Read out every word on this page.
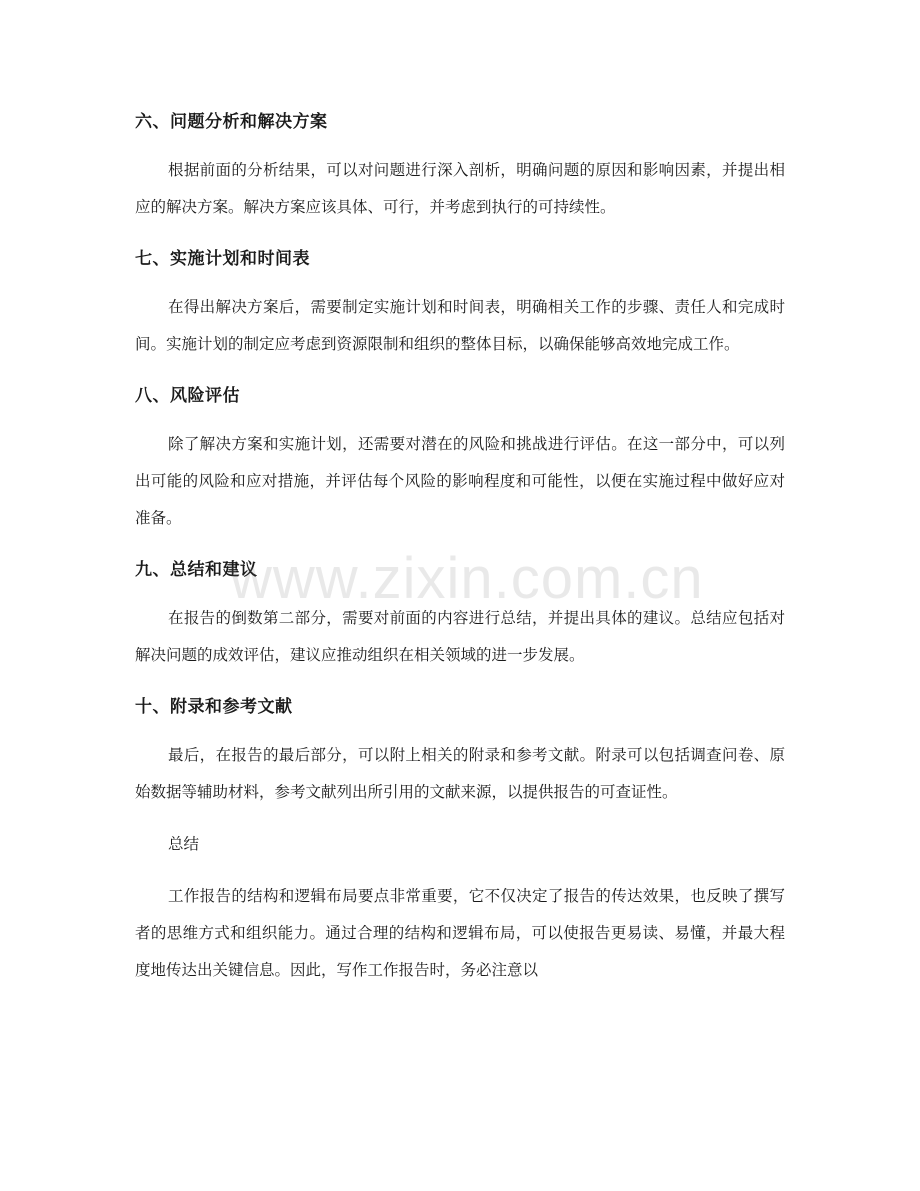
六、问题分析和解决方案

根据前面的分析结果，可以对问题进行深入剖析，明确问题的原因和影响因素，并提出相应的解决方案。解决方案应该具体、可行，并考虑到执行的可持续性。

七、实施计划和时间表

在得出解决方案后，需要制定实施计划和时间表，明确相关工作的步骤、责任人和完成时间。实施计划的制定应考虑到资源限制和组织的整体目标，以确保能够高效地完成工作。

八、风险评估

除了解决方案和实施计划，还需要对潜在的风险和挑战进行评估。在这一部分中，可以列出可能的风险和应对措施，并评估每个风险的影响程度和可能性，以便在实施过程中做好应对准备。

九、总结和建议

在报告的倒数第二部分，需要对前面的内容进行总结，并提出具体的建议。总结应包括对解决问题的成效评估，建议应推动组织在相关领域的进一步发展。

十、附录和参考文献

最后，在报告的最后部分，可以附上相关的附录和参考文献。附录可以包括调查问卷、原始数据等辅助材料，参考文献列出所引用的文献来源，以提供报告的可查证性。

总结

工作报告的结构和逻辑布局要点非常重要，它不仅决定了报告的传达效果，也反映了撰写者的思维方式和组织能力。通过合理的结构和逻辑布局，可以使报告更易读、易懂，并最大程度地传达出关键信息。因此，写作工作报告时，务必注意以

www.zixin.com.cn
